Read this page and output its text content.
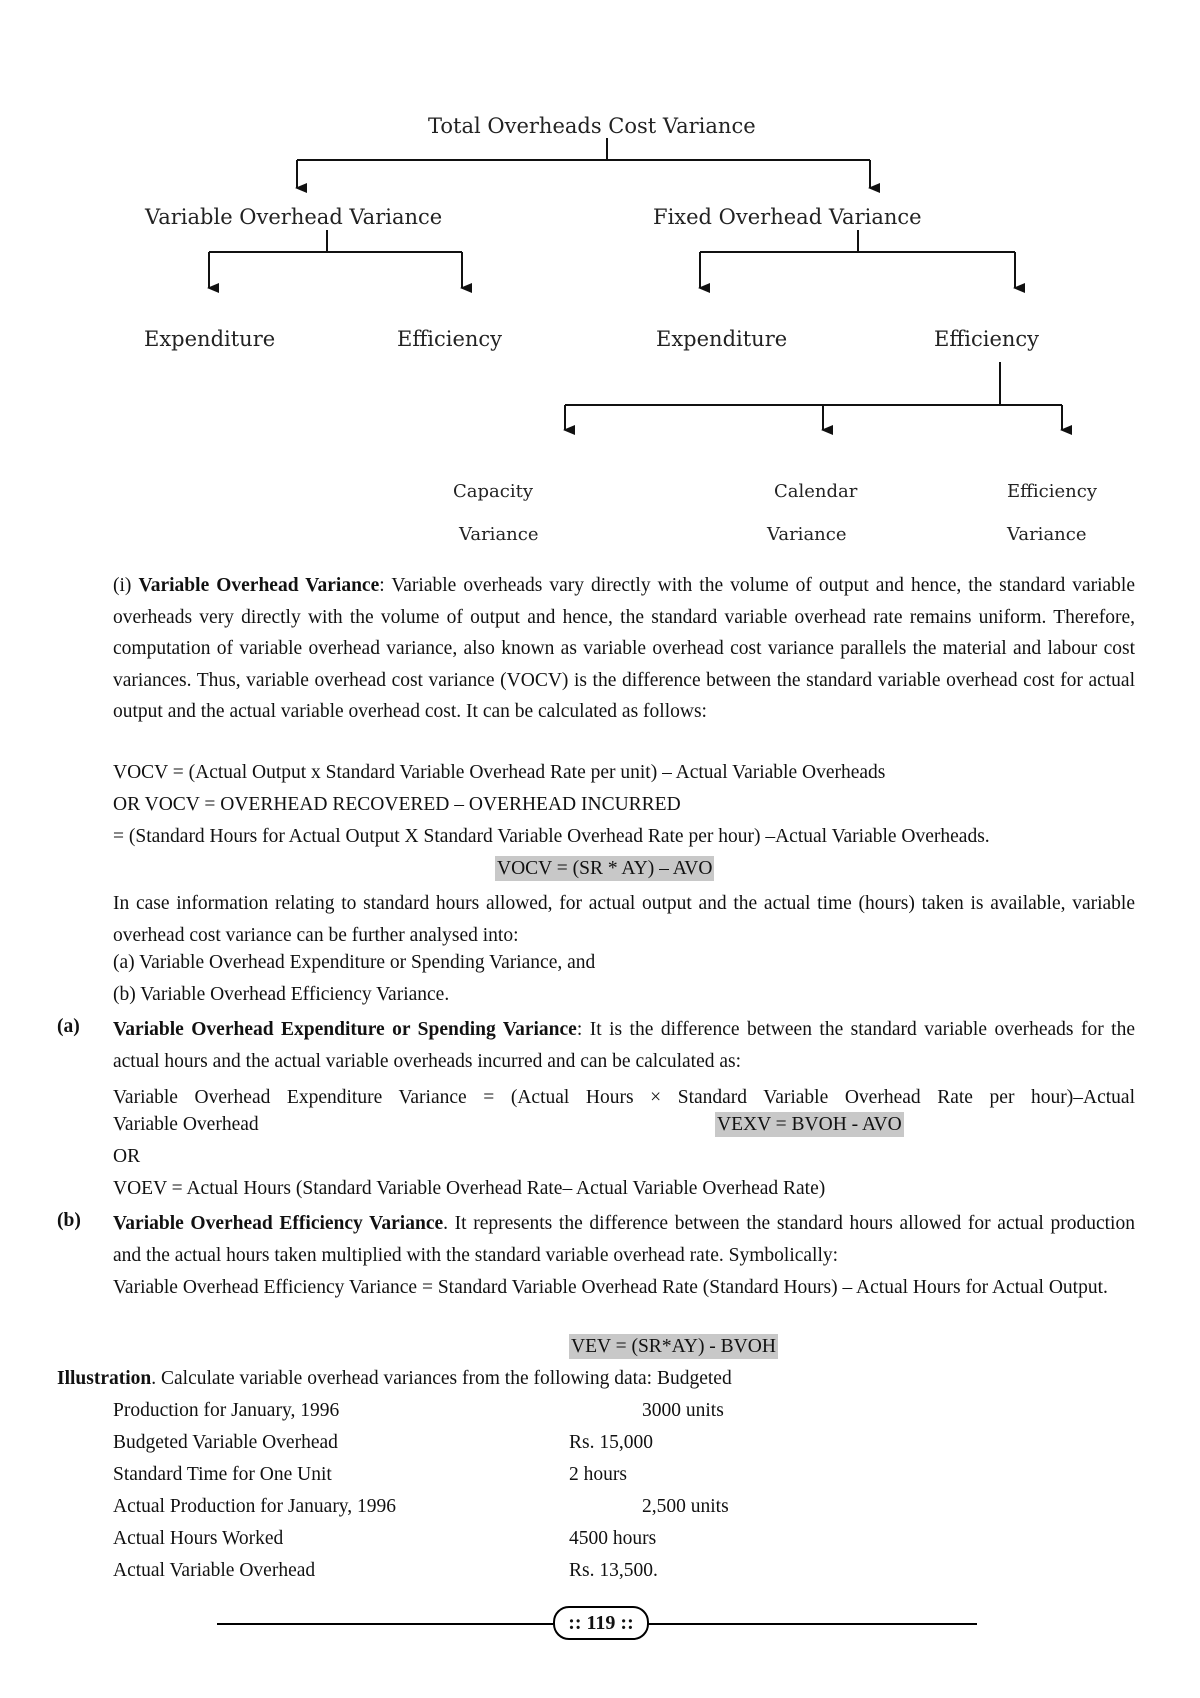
Total Overheads Cost Variance
Variable Overhead Variance	Fixed Overhead Variance
Expenditure	Efficiency	Expenditure	Efficiency
Capacity
Variance
Calendar
Variance
Efficiency
Variance
(i) Variable Overhead Variance: Variable overheads vary directly with the volume of output and hence, the standard variable overheads very directly with the volume of output and hence, the standard variable overhead rate remains uniform. Therefore, computation of variable overhead variance, also known as variable overhead cost variance parallels the material and labour cost variances. Thus, variable overhead cost variance (VOCV) is the difference between the standard variable overhead cost for actual output and the actual variable overhead cost. It can be calculated as follows:
VOCV = (Actual Output x Standard Variable Overhead Rate per unit) – Actual Variable Overheads
OR VOCV = OVERHEAD RECOVERED – OVERHEAD INCURRED
= (Standard Hours for Actual Output X Standard Variable Overhead Rate per hour) –Actual Variable Overheads.
VOCV = (SR * AY) – AVO
In case information relating to standard hours allowed, for actual output and the actual time (hours) taken is available, variable overhead cost variance can be further analysed into:
(a) Variable Overhead Expenditure or Spending Variance, and
(b) Variable Overhead Efficiency Variance.
(a) Variable Overhead Expenditure or Spending Variance: It is the difference between the standard variable overheads for the actual hours and the actual variable overheads incurred and can be calculated as:
Variable Overhead Expenditure Variance = (Actual Hours × Standard Variable Overhead Rate per hour)–Actual
Variable Overhead	VEXV = BVOH - AVO
OR
VOEV = Actual Hours (Standard Variable Overhead Rate– Actual Variable Overhead Rate)
(b) Variable Overhead Efficiency Variance. It represents the difference between the standard hours allowed for actual production and the actual hours taken multiplied with the standard variable overhead rate. Symbolically:
Variable Overhead Efficiency Variance = Standard Variable Overhead Rate (Standard Hours) – Actual Hours for Actual Output.
VEV = (SR*AY) - BVOH
Illustration. Calculate variable overhead variances from the following data: Budgeted
Production for January, 1996	3000 units
Budgeted Variable Overhead	Rs. 15,000
Standard Time for One Unit	2 hours
Actual Production for January, 1996	2,500 units
Actual Hours Worked	4500 hours
Actual Variable Overhead	Rs. 13,500.
:: 119 ::
